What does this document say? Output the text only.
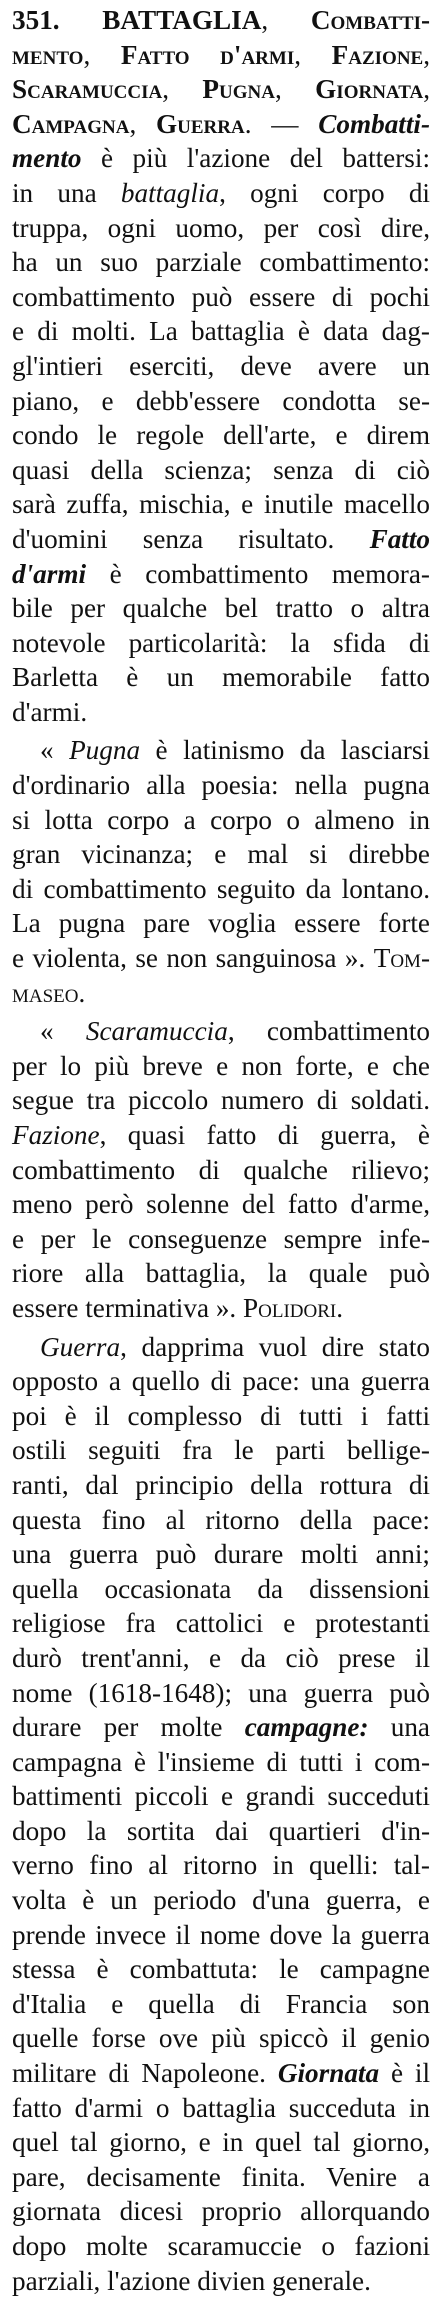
351. BATTAGLIA, Combatti-
mento, Fatto d'armi, Fazione,
Scaramuccia, Pugna, Giornata,
Campagna, Guerra. — Combatti-
mento è più l'azione del battersi:
in una battaglia, ogni corpo di
truppa, ogni uomo, per così dire,
ha un suo parziale combattimento:
combattimento può essere di pochi
e di molti. La battaglia è data dag-
gl'intieri eserciti, deve avere un
piano, e debb'essere condotta se-
condo le regole dell'arte, e direm
quasi della scienza; senza di ciò
sarà zuffa, mischia, e inutile macello
d'uomini senza risultato. Fatto
d'armi è combattimento memora-
bile per qualche bel tratto o altra
notevole particolarità: la sfida di
Barletta è un memorabile fatto
d'armi.
« Pugna è latinismo da lasciarsi
d'ordinario alla poesia: nella pugna
si lotta corpo a corpo o almeno in
gran vicinanza; e mal si direbbe
di combattimento seguito da lontano.
La pugna pare voglia essere forte
e violenta, se non sanguinosa ». Tom-
maseo.
« Scaramuccia, combattimento
per lo più breve e non forte, e che
segue tra piccolo numero di soldati.
Fazione, quasi fatto di guerra, è
combattimento di qualche rilievo;
meno però solenne del fatto d'arme,
e per le conseguenze sempre infe-
riore alla battaglia, la quale può
essere terminativa ». Polidori.
Guerra, dapprima vuol dire stato
opposto a quello di pace: una guerra
poi è il complesso di tutti i fatti
ostili seguiti fra le parti bellige-
ranti, dal principio della rottura di
questa fino al ritorno della pace:
una guerra può durare molti anni;
quella occasionata da dissensioni
religiose fra cattolici e protestanti
durò trent'anni, e da ciò prese il
nome (1618-1648); una guerra può
durare per molte campagne: una
campagna è l'insieme di tutti i com-
battimenti piccoli e grandi succeduti
dopo la sortita dai quartieri d'in-
verno fino al ritorno in quelli: tal-
volta è un periodo d'una guerra, e
prende invece il nome dove la guerra
stessa è combattuta: le campagne
d'Italia e quella di Francia son
quelle forse ove più spiccò il genio
militare di Napoleone. Giornata è il
fatto d'armi o battaglia succeduta in
quel tal giorno, e in quel tal giorno,
pare, decisamente finita. Venire a
giornata dicesi proprio allorquando
dopo molte scaramuccie o fazioni
parziali, l'azione divien generale.
